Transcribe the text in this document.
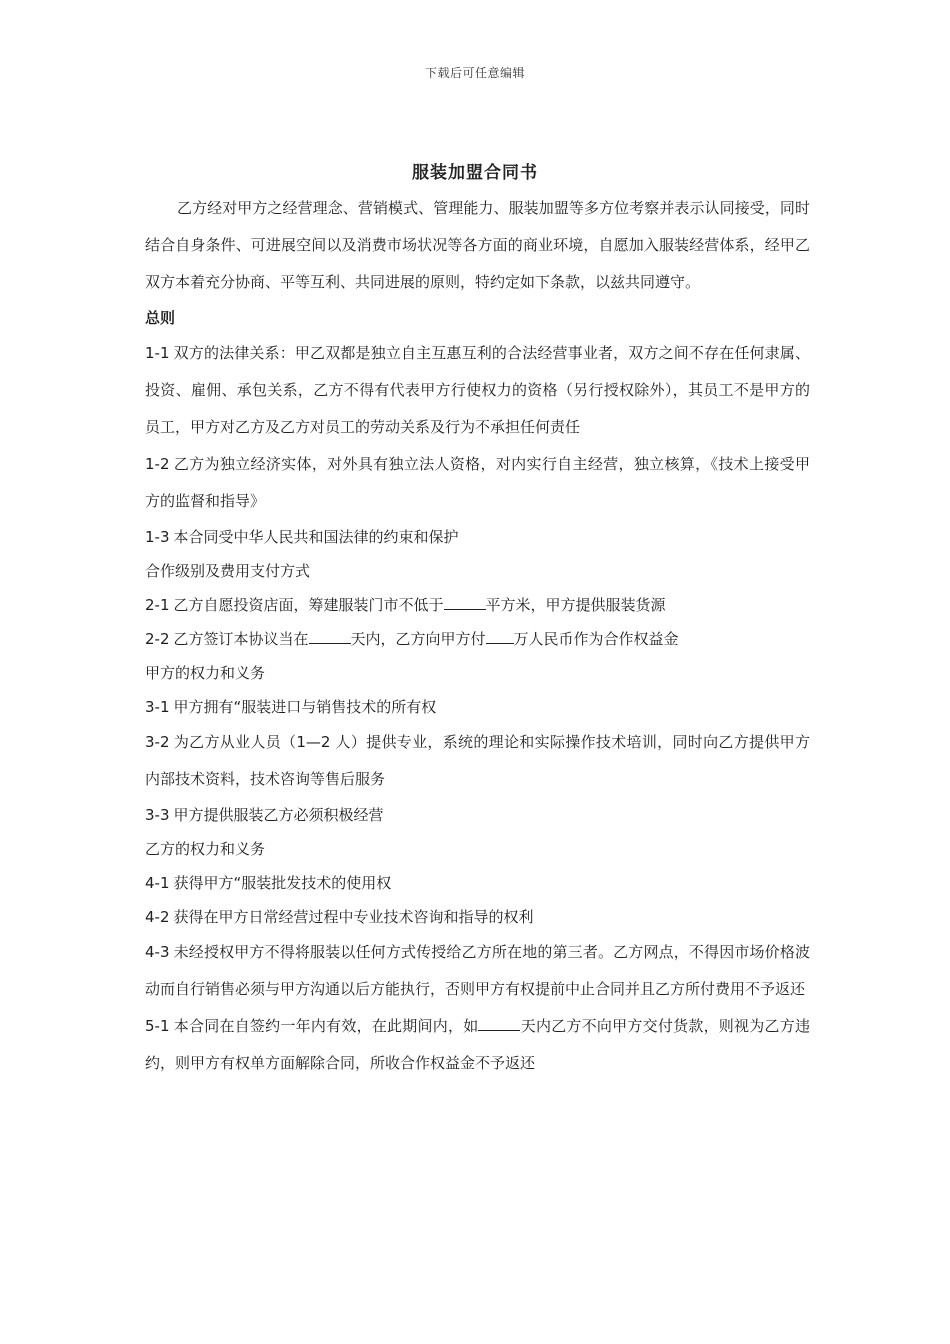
下载后可任意编辑
服装加盟合同书

乙方经对甲方之经营理念、营销模式、管理能力、服装加盟等多方位考察并表示认同接受，同时结合自身条件、可进展空间以及消费市场状况等各方面的商业环境，自愿加入服装经营体系，经甲乙双方本着充分协商、平等互利、共同进展的原则，特约定如下条款，以兹共同遵守。

总则

1-1 双方的法律关系：甲乙双都是独立自主互惠互利的合法经营事业者，双方之间不存在任何隶属、投资、雇佣、承包关系，乙方不得有代表甲方行使权力的资格（另行授权除外），其员工不是甲方的员工，甲方对乙方及乙方对员工的劳动关系及行为不承担任何责任

1-2 乙方为独立经济实体，对外具有独立法人资格，对内实行自主经营，独立核算，《技术上接受甲方的监督和指导》

1-3 本合同受中华人民共和国法律的约束和保护

合作级别及费用支付方式

2-1 乙方自愿投资店面，筹建服装门市不低于	平方米，甲方提供服装货源

2-2 乙方签订本协议当在	天内，乙方向甲方付 万人民币作为合作权益金

甲方的权力和义务

3-1 甲方拥有“服装进口与销售技术的所有权

3-2 为乙方从业人员（1—2 人）提供专业，系统的理论和实际操作技术培训，同时向乙方提供甲方内部技术资料，技术咨询等售后服务

3-3 甲方提供服装乙方必须积极经营

乙方的权力和义务

4-1 获得甲方“服装批发技术的使用权

4-2 获得在甲方日常经营过程中专业技术咨询和指导的权利

4-3 未经授权甲方不得将服装以任何方式传授给乙方所在地的第三者。乙方网点，不得因市场价格波动而自行销售必须与甲方沟通以后方能执行，否则甲方有权提前中止合同并且乙方所付费用不予返还

5-1 本合同在自签约一年内有效，在此期间内，如	天内乙方不向甲方交付货款，则视为乙方违约，则甲方有权单方面解除合同，所收合作权益金不予返还
